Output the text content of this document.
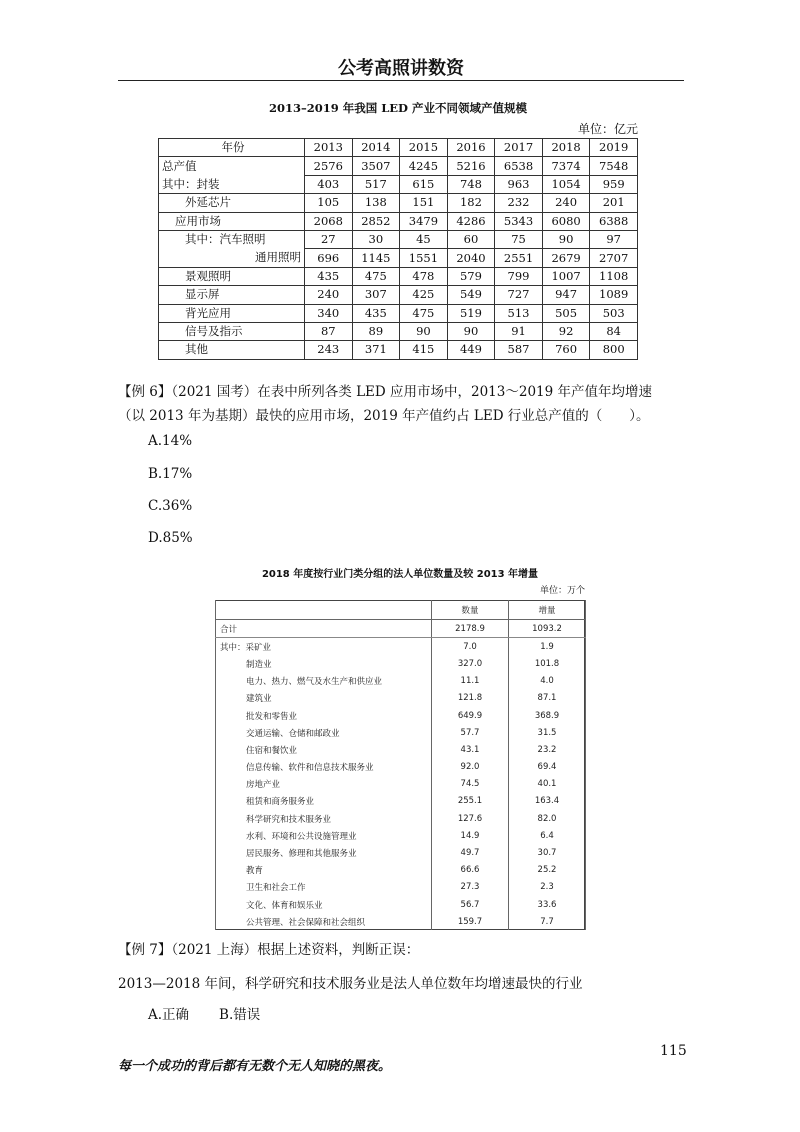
公考高照讲数资
2013–2019 年我国 LED 产业不同领域产值规模
单位：亿元
年份	2013	2014	2015	2016	2017	2018	2019
总产值	2576	3507	4245	5216	6538	7374	7548
其中：封装	403	517	615	748	963	1054	959
外延芯片	105	138	151	182	232	240	201
应用市场	2068	2852	3479	4286	5343	6080	6388
其中：汽车照明	27	30	45	60	75	90	97
通用照明	696	1145	1551	2040	2551	2679	2707
景观照明	435	475	478	579	799	1007	1108
显示屏	240	307	425	549	727	947	1089
背光应用	340	435	475	519	513	505	503
信号及指示	87	89	90	90	91	92	84
其他	243	371	415	449	587	760	800
【例 6】（2021 国考）在表中所列各类 LED 应用市场中，2013～2019 年产值年均增速
（以 2013 年为基期）最快的应用市场，2019 年产值约占 LED 行业总产值的（　　）。
A.14%
B.17%
C.36%
D.85%
2018 年度按行业门类分组的法人单位数量及较 2013 年增量
单位：万个
	数量	增量
合计	2178.9	1093.2
其中：采矿业	7.0	1.9
制造业	327.0	101.8
电力、热力、燃气及水生产和供应业	11.1	4.0
建筑业	121.8	87.1
批发和零售业	649.9	368.9
交通运输、仓储和邮政业	57.7	31.5
住宿和餐饮业	43.1	23.2
信息传输、软件和信息技术服务业	92.0	69.4
房地产业	74.5	40.1
租赁和商务服务业	255.1	163.4
科学研究和技术服务业	127.6	82.0
水利、环境和公共设施管理业	14.9	6.4
居民服务、修理和其他服务业	49.7	30.7
教育	66.6	25.2
卫生和社会工作	27.3	2.3
文化、体育和娱乐业	56.7	33.6
公共管理、社会保障和社会组织	159.7	7.7
【例 7】（2021 上海）根据上述资料，判断正误：
2013—2018 年间，科学研究和技术服务业是法人单位数年均增速最快的行业
A.正确 B.错误
每一个成功的背后都有无数个无人知晓的黑夜。
115
